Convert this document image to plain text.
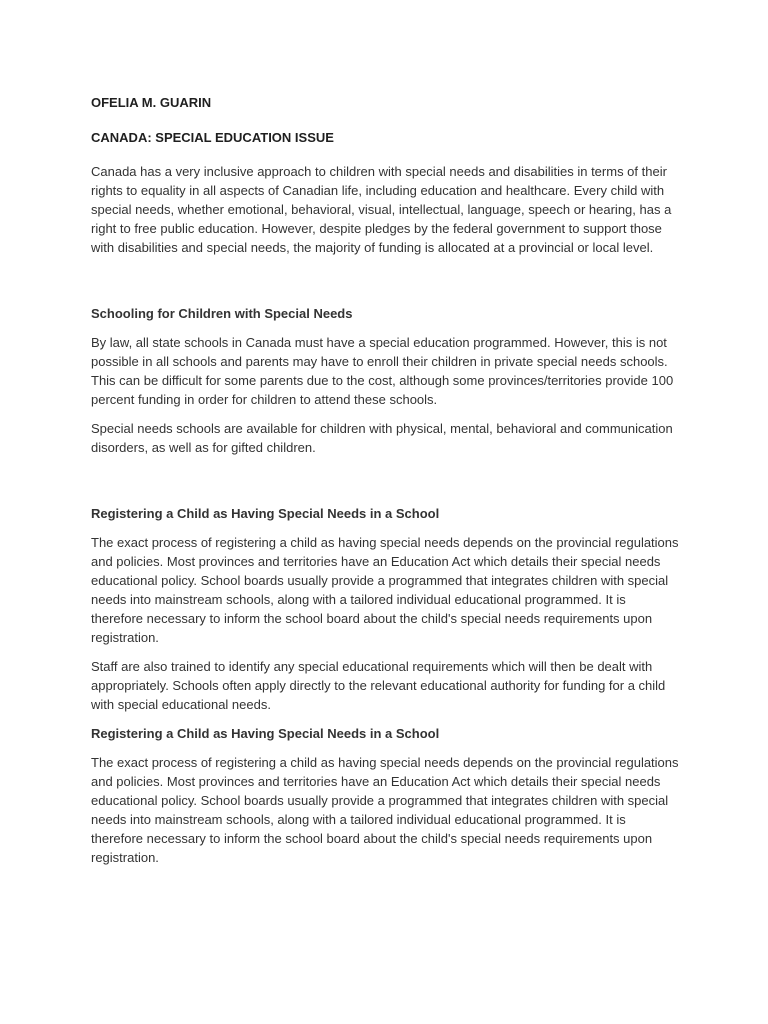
OFELIA M. GUARIN
CANADA: SPECIAL EDUCATION ISSUE

Canada has a very inclusive approach to children with special needs and disabilities in terms of their rights to equality in all aspects of Canadian life, including education and healthcare. Every child with special needs, whether emotional, behavioral, visual, intellectual, language, speech or hearing, has a right to free public education. However, despite pledges by the federal government to support those with disabilities and special needs, the majority of funding is allocated at a provincial or local level.

Schooling for Children with Special Needs

By law, all state schools in Canada must have a special education programmed. However, this is not possible in all schools and parents may have to enroll their children in private special needs schools. This can be difficult for some parents due to the cost, although some provinces/territories provide 100 percent funding in order for children to attend these schools.

Special needs schools are available for children with physical, mental, behavioral and communication disorders, as well as for gifted children.

Registering a Child as Having Special Needs in a School

The exact process of registering a child as having special needs depends on the provincial regulations and policies. Most provinces and territories have an Education Act which details their special needs educational policy. School boards usually provide a programmed that integrates children with special needs into mainstream schools, along with a tailored individual educational programmed. It is therefore necessary to inform the school board about the child's special needs requirements upon registration.

Staff are also trained to identify any special educational requirements which will then be dealt with appropriately. Schools often apply directly to the relevant educational authority for funding for a child with special educational needs.

Registering a Child as Having Special Needs in a School

The exact process of registering a child as having special needs depends on the provincial regulations and policies. Most provinces and territories have an Education Act which details their special needs educational policy. School boards usually provide a programmed that integrates children with special needs into mainstream schools, along with a tailored individual educational programmed. It is therefore necessary to inform the school board about the child's special needs requirements upon registration.
